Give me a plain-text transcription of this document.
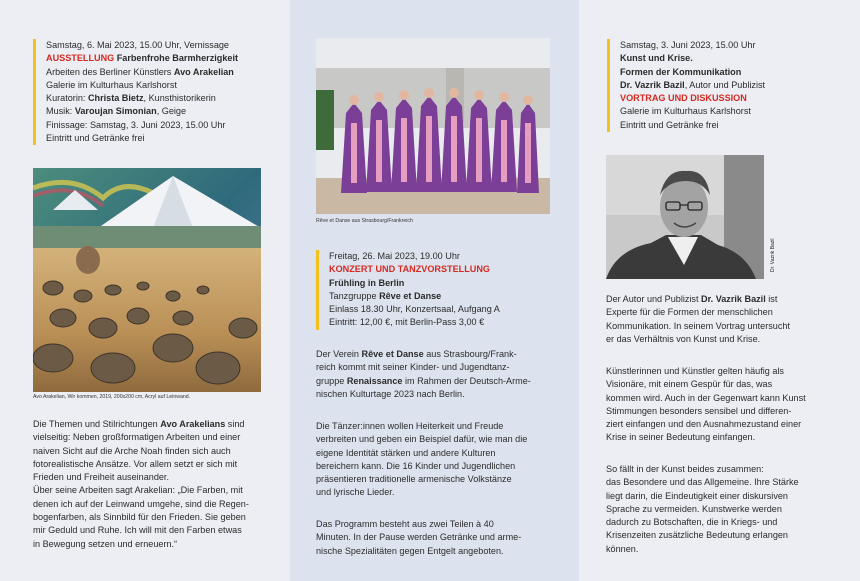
Samstag, 6. Mai 2023, 15.00 Uhr, Vernissage
AUSSTELLUNG Farbenfrohe Barmherzigkeit
Arbeiten des Berliner Künstlers Avo Arakelian
Galerie im Kulturhaus Karlshorst
Kuratorin: Christa Bietz, Kunsthistorikerin
Musik: Varoujan Simonian, Geige
Finissage: Samstag, 3. Juni 2023, 15.00 Uhr
Eintritt und Getränke frei
Avo Arakelian, Wir kommen, 2019, 200x200 cm, Acryl auf Leinwand.
Die Themen und Stilrichtungen Avo Arakelians sind
vielseitig: Neben großformatigen Arbeiten und einer
naiven Sicht auf die Arche Noah finden sich auch
fotorealistische Ansätze. Vor allem setzt er sich mit
Frieden und Freiheit auseinander.
Über seine Arbeiten sagt Arakelian: „Die Farben, mit
denen ich auf der Leinwand umgehe, sind die Regen-
bogenfarben, als Sinnbild für den Frieden. Sie geben
mir Geduld und Ruhe. Ich will mit den Farben etwas
in Bewegung setzen und erneuern.“
Rêve et Danse aus Strasbourg/Frankreich
Freitag, 26. Mai 2023, 19.00 Uhr
KONZERT UND TANZVORSTELLUNG
Frühling in Berlin
Tanzgruppe Rêve et Danse
Einlass 18.30 Uhr, Konzertsaal, Aufgang A
Eintritt: 12,00 €, mit Berlin-Pass 3,00 €
Der Verein Rêve et Danse aus Strasbourg/Frank-
reich kommt mit seiner Kinder- und Jugendtanz-
gruppe Renaissance im Rahmen der Deutsch-Arme-
nischen Kulturtage 2023 nach Berlin.
Die Tänzer:innen wollen Heiterkeit und Freude
verbreiten und geben ein Beispiel dafür, wie man die
eigene Identität stärken und andere Kulturen
bereichern kann. Die 16 Kinder und Jugendlichen
präsentieren traditionelle armenische Volkstänze
und lyrische Lieder.
Das Programm besteht aus zwei Teilen à 40
Minuten. In der Pause werden Getränke und arme-
nische Spezialitäten gegen Entgelt angeboten.
Samstag, 3. Juni 2023, 15.00 Uhr
Kunst und Krise.
Formen der Kommunikation
Dr. Vazrik Bazil, Autor und Publizist
VORTRAG UND DISKUSSION
Galerie im Kulturhaus Karlshorst
Eintritt und Getränke frei
Dr. Vazrik Bazil
Der Autor und Publizist Dr. Vazrik Bazil ist
Experte für die Formen der menschlichen
Kommunikation. In seinem Vortrag untersucht
er das Verhältnis von Kunst und Krise.
Künstlerinnen und Künstler gelten häufig als
Visionäre, mit einem Gespür für das, was
kommen wird. Auch in der Gegenwart kann Kunst
Stimmungen besonders sensibel und differen-
ziert einfangen und den Ausnahmezustand einer
Krise in seiner Bedeutung einfangen.
So fällt in der Kunst beides zusammen:
das Besondere und das Allgemeine. Ihre Stärke
liegt darin, die Eindeutigkeit einer diskursiven
Sprache zu vermeiden. Kunstwerke werden
dadurch zu Botschaften, die in Kriegs- und
Krisenzeiten zusätzliche Bedeutung erlangen
können.
